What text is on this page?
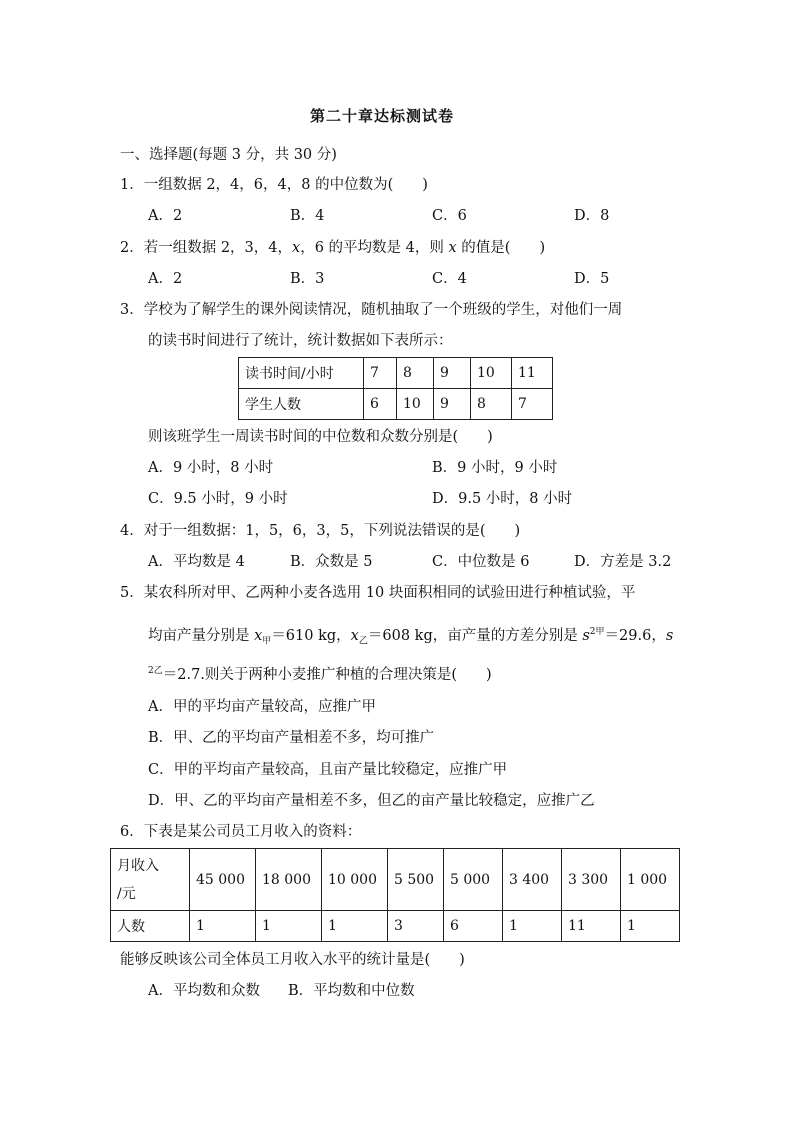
第二十章达标测试卷
一、选择题(每题 3 分，共 30 分)
1．一组数据 2，4，6，4，8 的中位数为(　　)
A．2	B．4	C．6	D．8
2．若一组数据 2，3，4，x，6 的平均数是 4，则 x 的值是(　　)
A．2	B．3	C．4	D．5
3．学校为了解学生的课外阅读情况，随机抽取了一个班级的学生，对他们一周
的读书时间进行了统计，统计数据如下表所示：
读书时间/小时	7	8	9	10	11
学生人数	6	10	9	8	7
则该班学生一周读书时间的中位数和众数分别是(　　)
A．9 小时，8 小时	B．9 小时，9 小时
C．9.5 小时，9 小时	D．9.5 小时，8 小时
4．对于一组数据：1，5，6，3，5，下列说法错误的是(　　)
A．平均数是 4	B．众数是 5	C．中位数是 6	D．方差是 3.2
5．某农科所对甲、乙两种小麦各选用 10 块面积相同的试验田进行种植试验，平
均亩产量分别是 $x_甲=610$ kg，$x_乙=608$ kg，亩产量的方差分别是 $s^{2甲}=29.6$，s
$^{2乙}$＝2.7.则关于两种小麦推广种植的合理决策是(　　)
A．甲的平均亩产量较高，应推广甲
B．甲、乙的平均亩产量相差不多，均可推广
C．甲的平均亩产量较高，且亩产量比较稳定，应推广甲
D．甲、乙的平均亩产量相差不多，但乙的亩产量比较稳定，应推广乙
6．下表是某公司员工月收入的资料：
月收入
/元	45 000	18 000	10 000	5 500	5 000	3 400	3 300	1 000
人数	1	1	1	3	6	1	11	1
能够反映该公司全体员工月收入水平的统计量是(　　)
A．平均数和众数 B．平均数和中位数
